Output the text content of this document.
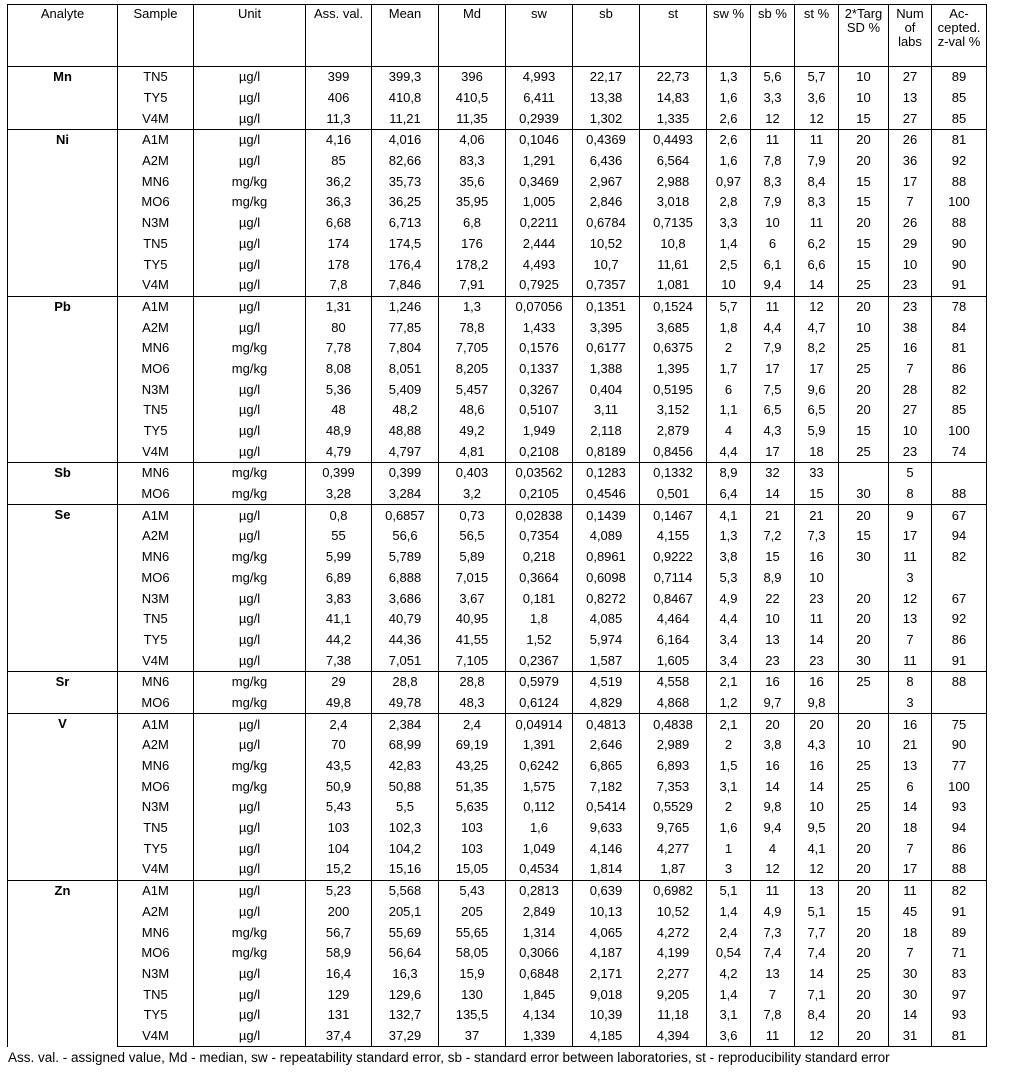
Analyte	Sample	Unit	Ass. val.	Mean	Md	sw	sb	st	sw %	sb %	st %	2*Targ SD %	Num of labs	Ac-cepted. z-val %
Mn	TN5	µg/l	399	399,3	396	4,993	22,17	22,73	1,3	5,6	5,7	10	27	89
	TY5	µg/l	406	410,8	410,5	6,411	13,38	14,83	1,6	3,3	3,6	10	13	85
	V4M	µg/l	11,3	11,21	11,35	0,2939	1,302	1,335	2,6	12	12	15	27	85
Ni	A1M	µg/l	4,16	4,016	4,06	0,1046	0,4369	0,4493	2,6	11	11	20	26	81
	A2M	µg/l	85	82,66	83,3	1,291	6,436	6,564	1,6	7,8	7,9	20	36	92
	MN6	mg/kg	36,2	35,73	35,6	0,3469	2,967	2,988	0,97	8,3	8,4	15	17	88
	MO6	mg/kg	36,3	36,25	35,95	1,005	2,846	3,018	2,8	7,9	8,3	15	7	100
	N3M	µg/l	6,68	6,713	6,8	0,2211	0,6784	0,7135	3,3	10	11	20	26	88
	TN5	µg/l	174	174,5	176	2,444	10,52	10,8	1,4	6	6,2	15	29	90
	TY5	µg/l	178	176,4	178,2	4,493	10,7	11,61	2,5	6,1	6,6	15	10	90
	V4M	µg/l	7,8	7,846	7,91	0,7925	0,7357	1,081	10	9,4	14	25	23	91
Pb	A1M	µg/l	1,31	1,246	1,3	0,07056	0,1351	0,1524	5,7	11	12	20	23	78
	A2M	µg/l	80	77,85	78,8	1,433	3,395	3,685	1,8	4,4	4,7	10	38	84
	MN6	mg/kg	7,78	7,804	7,705	0,1576	0,6177	0,6375	2	7,9	8,2	25	16	81
	MO6	mg/kg	8,08	8,051	8,205	0,1337	1,388	1,395	1,7	17	17	25	7	86
	N3M	µg/l	5,36	5,409	5,457	0,3267	0,404	0,5195	6	7,5	9,6	20	28	82
	TN5	µg/l	48	48,2	48,6	0,5107	3,11	3,152	1,1	6,5	6,5	20	27	85
	TY5	µg/l	48,9	48,88	49,2	1,949	2,118	2,879	4	4,3	5,9	15	10	100
	V4M	µg/l	4,79	4,797	4,81	0,2108	0,8189	0,8456	4,4	17	18	25	23	74
Sb	MN6	mg/kg	0,399	0,399	0,403	0,03562	0,1283	0,1332	8,9	32	33		5	
	MO6	mg/kg	3,28	3,284	3,2	0,2105	0,4546	0,501	6,4	14	15	30	8	88
Se	A1M	µg/l	0,8	0,6857	0,73	0,02838	0,1439	0,1467	4,1	21	21	20	9	67
	A2M	µg/l	55	56,6	56,5	0,7354	4,089	4,155	1,3	7,2	7,3	15	17	94
	MN6	mg/kg	5,99	5,789	5,89	0,218	0,8961	0,9222	3,8	15	16	30	11	82
	MO6	mg/kg	6,89	6,888	7,015	0,3664	0,6098	0,7114	5,3	8,9	10		3	
	N3M	µg/l	3,83	3,686	3,67	0,181	0,8272	0,8467	4,9	22	23	20	12	67
	TN5	µg/l	41,1	40,79	40,95	1,8	4,085	4,464	4,4	10	11	20	13	92
	TY5	µg/l	44,2	44,36	41,55	1,52	5,974	6,164	3,4	13	14	20	7	86
	V4M	µg/l	7,38	7,051	7,105	0,2367	1,587	1,605	3,4	23	23	30	11	91
Sr	MN6	mg/kg	29	28,8	28,8	0,5979	4,519	4,558	2,1	16	16	25	8	88
	MO6	mg/kg	49,8	49,78	48,3	0,6124	4,829	4,868	1,2	9,7	9,8		3	
V	A1M	µg/l	2,4	2,384	2,4	0,04914	0,4813	0,4838	2,1	20	20	20	16	75
	A2M	µg/l	70	68,99	69,19	1,391	2,646	2,989	2	3,8	4,3	10	21	90
	MN6	mg/kg	43,5	42,83	43,25	0,6242	6,865	6,893	1,5	16	16	25	13	77
	MO6	mg/kg	50,9	50,88	51,35	1,575	7,182	7,353	3,1	14	14	25	6	100
	N3M	µg/l	5,43	5,5	5,635	0,112	0,5414	0,5529	2	9,8	10	25	14	93
	TN5	µg/l	103	102,3	103	1,6	9,633	9,765	1,6	9,4	9,5	20	18	94
	TY5	µg/l	104	104,2	103	1,049	4,146	4,277	1	4	4,1	20	7	86
	V4M	µg/l	15,2	15,16	15,05	0,4534	1,814	1,87	3	12	12	20	17	88
Zn	A1M	µg/l	5,23	5,568	5,43	0,2813	0,639	0,6982	5,1	11	13	20	11	82
	A2M	µg/l	200	205,1	205	2,849	10,13	10,52	1,4	4,9	5,1	15	45	91
	MN6	mg/kg	56,7	55,69	55,65	1,314	4,065	4,272	2,4	7,3	7,7	20	18	89
	MO6	mg/kg	58,9	56,64	58,05	0,3066	4,187	4,199	0,54	7,4	7,4	20	7	71
	N3M	µg/l	16,4	16,3	15,9	0,6848	2,171	2,277	4,2	13	14	25	30	83
	TN5	µg/l	129	129,6	130	1,845	9,018	9,205	1,4	7	7,1	20	30	97
	TY5	µg/l	131	132,7	135,5	4,134	10,39	11,18	3,1	7,8	8,4	20	14	93
	V4M	µg/l	37,4	37,29	37	1,339	4,185	4,394	3,6	11	12	20	31	81
Ass. val. - assigned value, Md - median, sw - repeatability standard error, sb - standard error between laboratories, st - reproducibility standard error
